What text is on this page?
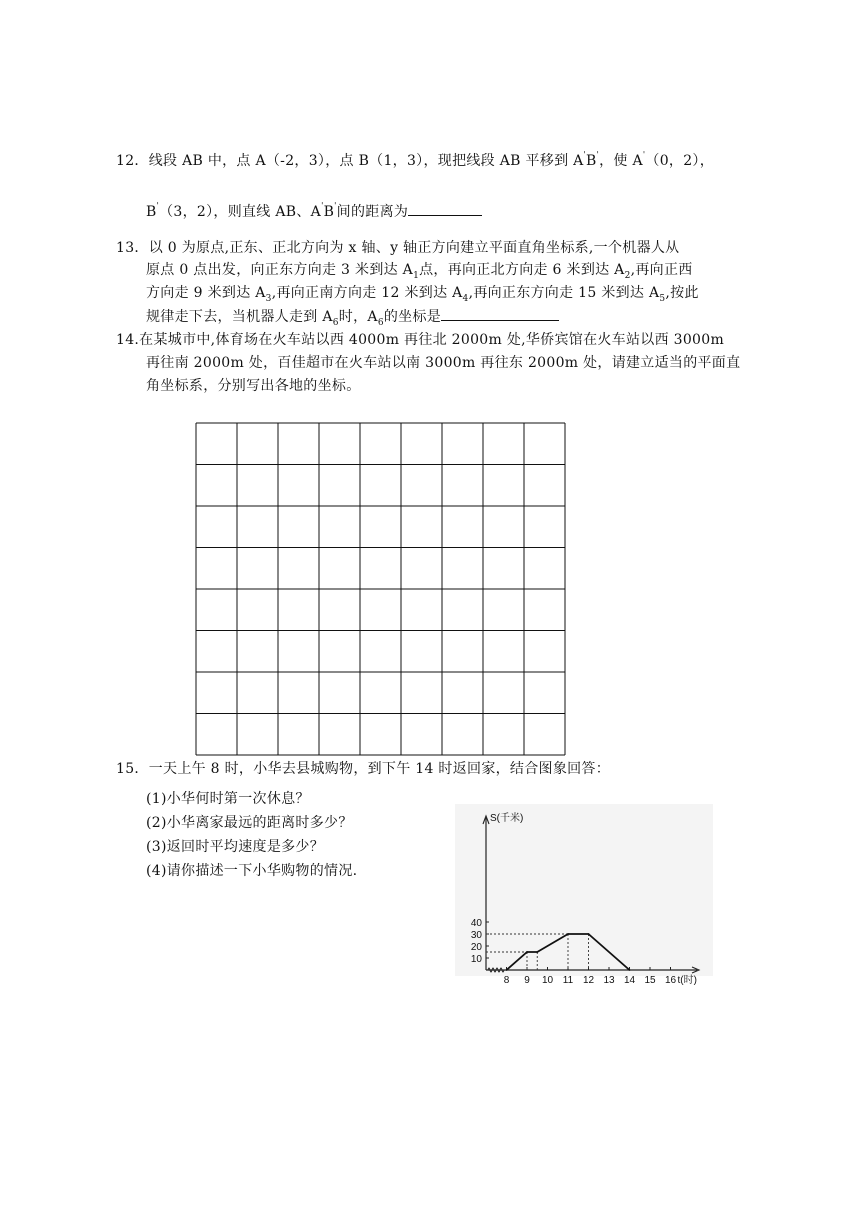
12．线段 AB 中，点 A（-2，3），点 B（1，3），现把线段 AB 平移到 A'B'，使 A'（0，2），
B'（3，2），则直线 AB、A'B'间的距离为
13．以 0 为原点,正东、正北方向为 x 轴、y 轴正方向建立平面直角坐标系,一个机器人从
原点 0 点出发，向正东方向走 3 米到达 $A_1$点，再向正北方向走 6 米到达 $A_2$,再向正西
方向走 9 米到达 $A_3$,再向正南方向走 12 米到达 $A_4$,再向正东方向走 15 米到达 $A_5$,按此
规律走下去，当机器人走到 $A_6$时，$A_6$的坐标是
14.在某城市中,体育场在火车站以西 4000m 再往北 2000m 处,华侨宾馆在火车站以西 3000m
再往南 2000m 处，百佳超市在火车站以南 3000m 再往东 2000m 处，请建立适当的平面直
角坐标系，分别写出各地的坐标。
15．一天上午 8 时，小华去县城购物，到下午 14 时返回家，结合图象回答：
(1)小华何时第一次休息？
(2)小华离家最远的距离时多少？
(3)返回时平均速度是多少？
(4)请你描述一下小华购物的情况.
10
20
30
40
8 9 10 11 12 13 14 15 16
S(千米)
t(时)
